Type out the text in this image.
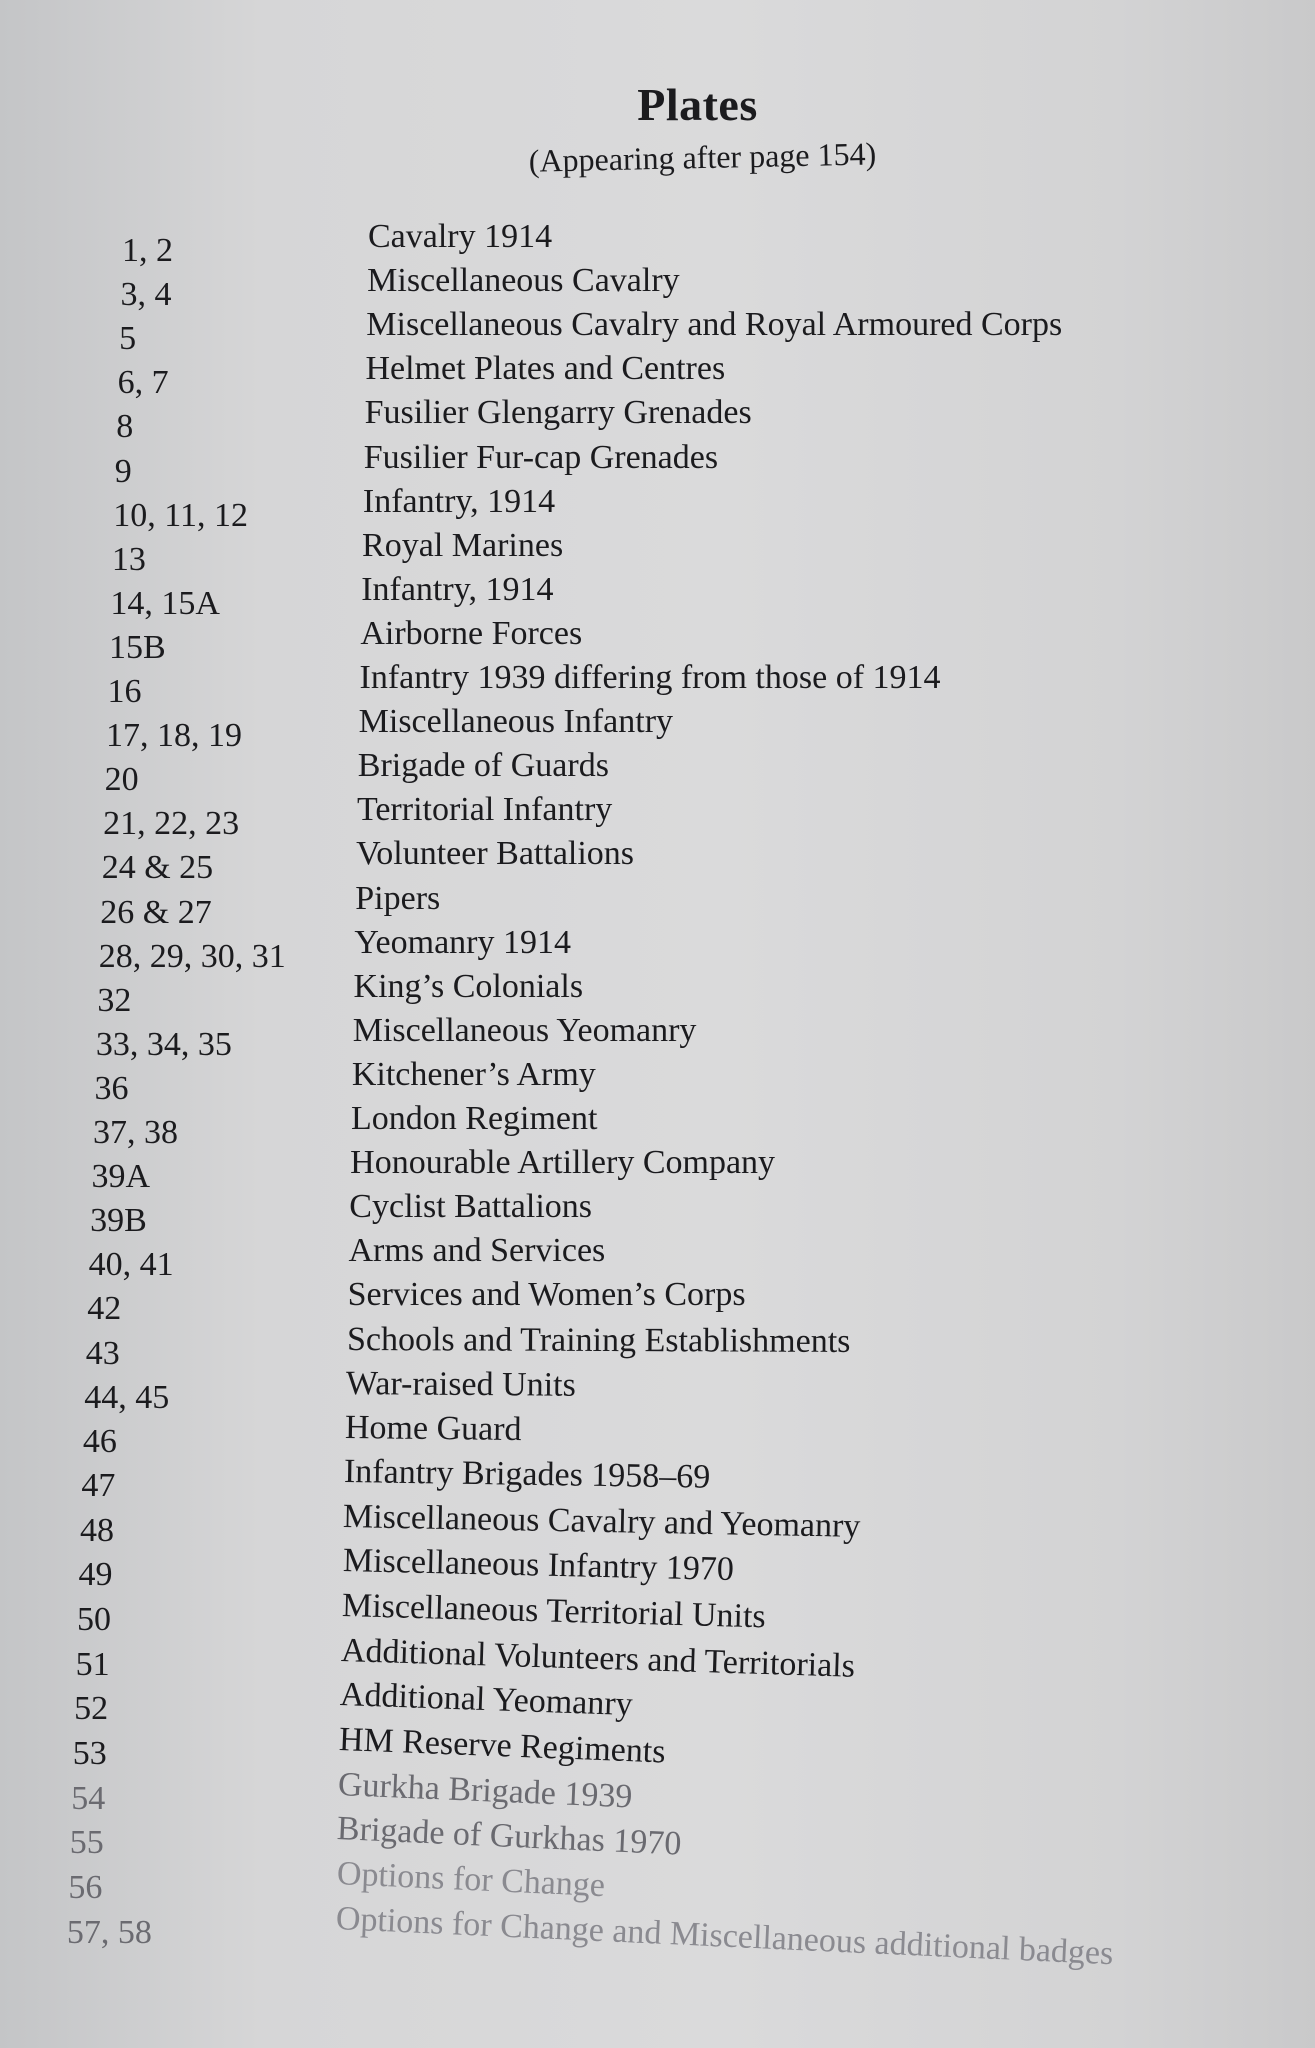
Plates
(Appearing after page 154)
1, 2	Cavalry 1914
3, 4	Miscellaneous Cavalry
5	Miscellaneous Cavalry and Royal Armoured Corps
6, 7	Helmet Plates and Centres
8	Fusilier Glengarry Grenades
9	Fusilier Fur-cap Grenades
10, 11, 12	Infantry, 1914
13	Royal Marines
14, 15A	Infantry, 1914
15B	Airborne Forces
16	Infantry 1939 differing from those of 1914
17, 18, 19	Miscellaneous Infantry
20	Brigade of Guards
21, 22, 23	Territorial Infantry
24 & 25	Volunteer Battalions
26 & 27	Pipers
28, 29, 30, 31 Yeomanry 1914
32	King’s Colonials
33, 34, 35	Miscellaneous Yeomanry
36	Kitchener’s Army
37, 38	London Regiment
39A	Honourable Artillery Company
39B	Cyclist Battalions
40, 41	Arms and Services
42	Services and Women’s Corps
43	Schools and Training Establishments
44, 45	War-raised Units
46	Home Guard
47	Infantry Brigades 1958–69
48	Miscellaneous Cavalry and Yeomanry
49	Miscellaneous Infantry 1970
50	Miscellaneous Territorial Units
51	Additional Volunteers and Territorials
52	Additional Yeomanry
53	HM Reserve Regiments
54	Gurkha Brigade 1939
55	Brigade of Gurkhas 1970
56	Options for Change
57, 58	Options for Change and Miscellaneous additional badges
